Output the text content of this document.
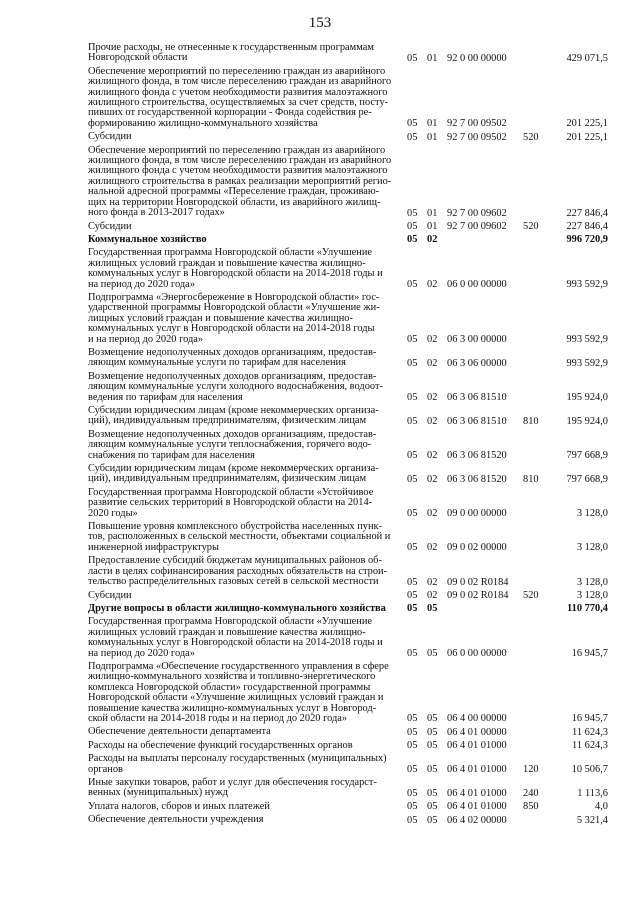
153
Прочие расходы, не отнесенные к государственным программам
Новгородской области	05 01 92 0 00 00000	429 071,5
Обеспечение мероприятий по переселению граждан из аварийного
жилищного фонда, в том числе переселению граждан из аварийного
жилищного фонда с учетом необходимости развития малоэтажного
жилищного строительства, осуществляемых за счет средств, посту-
пивших от государственной корпорации - Фонда содействия ре-
формированию жилищно-коммунального хозяйства	05 01 92 7 00 09502	201 225,1
Субсидии	05 01 92 7 00 09502 520	201 225,1
Обеспечение мероприятий по переселению граждан из аварийного
жилищного фонда, в том числе переселению граждан из аварийного
жилищного фонда с учетом необходимости развития малоэтажного
жилищного строительства в рамках реализации мероприятий регио-
нальной адресной программы «Переселение граждан, проживаю-
щих на территории Новгородской области, из аварийного жилищ-
ного фонда в 2013-2017 годах»	05 01 92 7 00 09602	227 846,4
Субсидии	05 01 92 7 00 09602 520	227 846,4
Коммунальное хозяйство	05 02	996 720,9
Государственная программа Новгородской области «Улучшение
жилищных условий граждан и повышение качества жилищно-
коммунальных услуг в Новгородской области на 2014-2018 годы и
на период до 2020 года»	05 02 06 0 00 00000	993 592,9
Подпрограмма «Энергосбережение в Новгородской области» гос-
ударственной программы Новгородской области «Улучшение жи-
лищных условий граждан и повышение качества жилищно-
коммунальных услуг в Новгородской области на 2014-2018 годы
и на период до 2020 года»	05 02 06 3 00 00000	993 592,9
Возмещение недополученных доходов организациям, предостав-
ляющим коммунальные услуги по тарифам для населения	05 02 06 3 06 00000	993 592,9
Возмещение недополученных доходов организациям, предостав-
ляющим коммунальные услуги холодного водоснабжения, водоот-
ведения по тарифам для населения	05 02 06 3 06 81510	195 924,0
Субсидии юридическим лицам (кроме некоммерческих организа-
ций), индивидуальным предпринимателям, физическим лицам	05 02 06 3 06 81510 810	195 924,0
Возмещение недополученных доходов организациям, предостав-
ляющим коммунальные услуги теплоснабжения, горячего водо-
снабжения по тарифам для населения	05 02 06 3 06 81520	797 668,9
Субсидии юридическим лицам (кроме некоммерческих организа-
ций), индивидуальным предпринимателям, физическим лицам	05 02 06 3 06 81520 810	797 668,9
Государственная программа Новгородской области «Устойчивое
развитие сельских территорий в Новгородской области на 2014-
2020 годы»	05 02 09 0 00 00000	3 128,0
Повышение уровня комплексного обустройства населенных пунк-
тов, расположенных в сельской местности, объектами социальной и
инженерной инфраструктуры	05 02 09 0 02 00000	3 128,0
Предоставление субсидий бюджетам муниципальных районов об-
ласти в целях софинансирования расходных обязательств на строи-
тельство распределительных газовых сетей в сельской местности	05 02 09 0 02 R0184	3 128,0
Субсидии	05 02 09 0 02 R0184 520	3 128,0
Другие вопросы в области жилищно-коммунального хозяйства	05 05	110 770,4
Государственная программа Новгородской области «Улучшение
жилищных условий граждан и повышение качества жилищно-
коммунальных услуг в Новгородской области на 2014-2018 годы и
на период до 2020 года»	05 05 06 0 00 00000	16 945,7
Подпрограмма «Обеспечение государственного управления в сфере
жилищно-коммунального хозяйства и топливно-энергетического
комплекса Новгородской области» государственной программы
Новгородской области «Улучшение жилищных условий граждан и
повышение качества жилищно-коммунальных услуг в Новгород-
ской области на 2014-2018 годы и на период до 2020 года»	05 05 06 4 00 00000	16 945,7
Обеспечение деятельности департамента	05 05 06 4 01 00000	11 624,3
Расходы на обеспечение функций государственных органов	05 05 06 4 01 01000	11 624,3
Расходы на выплаты персоналу государственных (муниципальных)
органов	05 05 06 4 01 01000 120	10 506,7
Иные закупки товаров, работ и услуг для обеспечения государст-
венных (муниципальных) нужд	05 05 06 4 01 01000 240	1 113,6
Уплата налогов, сборов и иных платежей	05 05 06 4 01 01000 850	4,0
Обеспечение деятельности учреждения	05 05 06 4 02 00000	5 321,4
